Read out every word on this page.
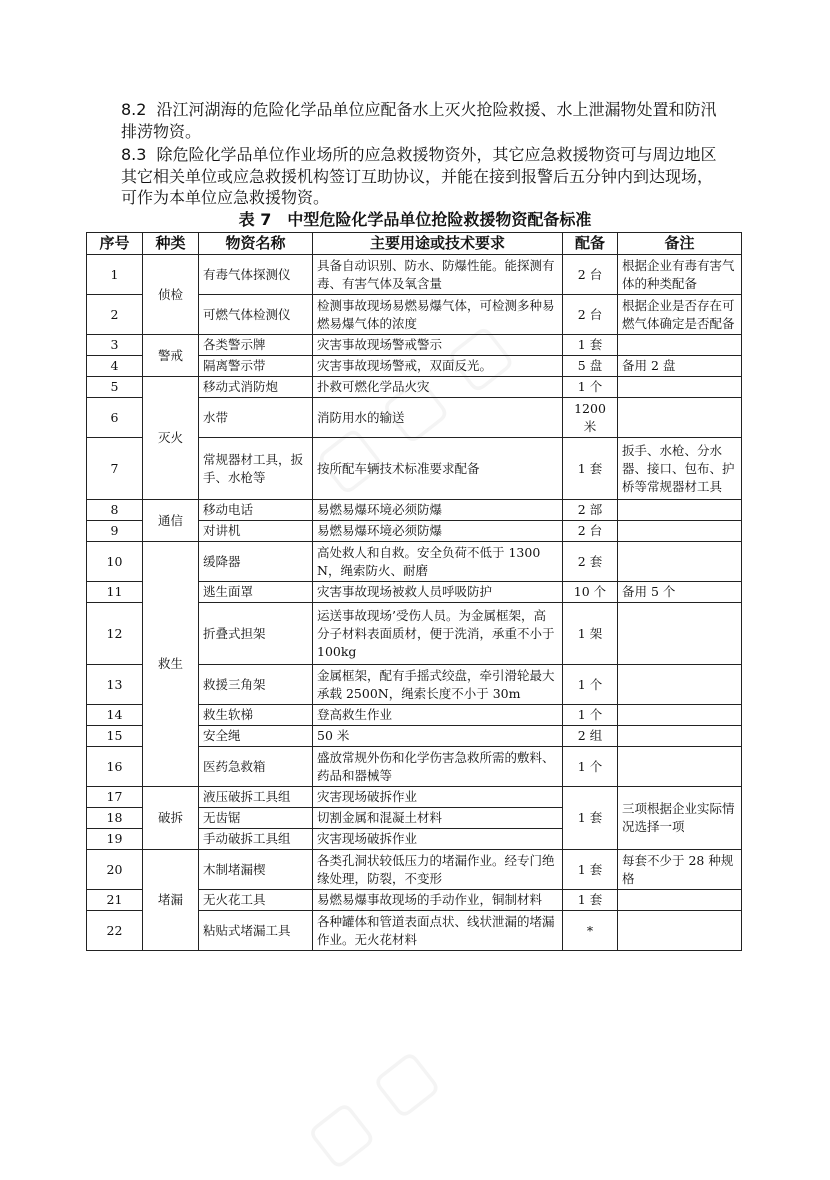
8.2 沿江河湖海的危险化学品单位应配备水上灭火抢险救援、水上泄漏物处置和防汛排涝物资。
8.3 除危险化学品单位作业场所的应急救援物资外，其它应急救援物资可与周边地区其它相关单位或应急救援机构签订互助协议，并能在接到报警后五分钟内到达现场，可作为本单位应急救援物资。
表 7　中型危险化学品单位抢险救援物资配备标准
序号	种类	物资名称	主要用途或技术要求	配备	备注
1	侦检	有毒气体探测仪	具备自动识别、防水、防爆性能。能探测有毒、有害气体及氧含量	2 台	根据企业有毒有害气体的种类配备
2		可燃气体检测仪	检测事故现场易燃易爆气体，可检测多种易燃易爆气体的浓度	2 台	根据企业是否存在可燃气体确定是否配备
3	警戒	各类警示牌	灾害事故现场警戒警示	1 套	
4		隔离警示带	灾害事故现场警戒，双面反光。	5 盘	备用 2 盘
5	灭火	移动式消防炮	扑救可燃化学品火灾	1 个	
6		水带	消防用水的输送	1200 米	
7		常规器材工具，扳手、水枪等	按所配车辆技术标准要求配备	1 套	扳手、水枪、分水器、接口、包布、护桥等常规器材工具
8	通信	移动电话	易燃易爆环境必须防爆	2 部	
9		对讲机	易燃易爆环境必须防爆	2 台	
10	救生	缓降器	高处救人和自救。安全负荷不低于 1300 N，绳索防火、耐磨	2 套	
11		逃生面罩	灾害事故现场被救人员呼吸防护	10 个	备用 5 个
12		折叠式担架	运送事故现场’受伤人员。为金属框架，高分子材料表面质材，便于洗消，承重不小于100kg	1 架	
13		救援三角架	金属框架，配有手摇式绞盘，牵引滑轮最大承载 2500N，绳索长度不小于 30m	1 个	
14		救生软梯	登高救生作业	1 个	
15		安全绳	50 米	2 组	
16		医药急救箱	盛放常规外伤和化学伤害急救所需的敷料、药品和器械等	1 个	
17	破拆	液压破拆工具组	灾害现场破拆作业	1 套	三项根据企业实际情况选择一项
18		无齿锯	切割金属和混凝土材料		
19		手动破拆工具组	灾害现场破拆作业		
20	堵漏	木制堵漏楔	各类孔洞状较低压力的堵漏作业。经专门绝缘处理，防裂，不变形	1 套	每套不少于 28 种规格
21		无火花工具	易燃易爆事故现场的手动作业，铜制材料	1 套	
22		粘贴式堵漏工具	各种罐体和管道表面点状、线状泄漏的堵漏作业。无火花材料	*	
